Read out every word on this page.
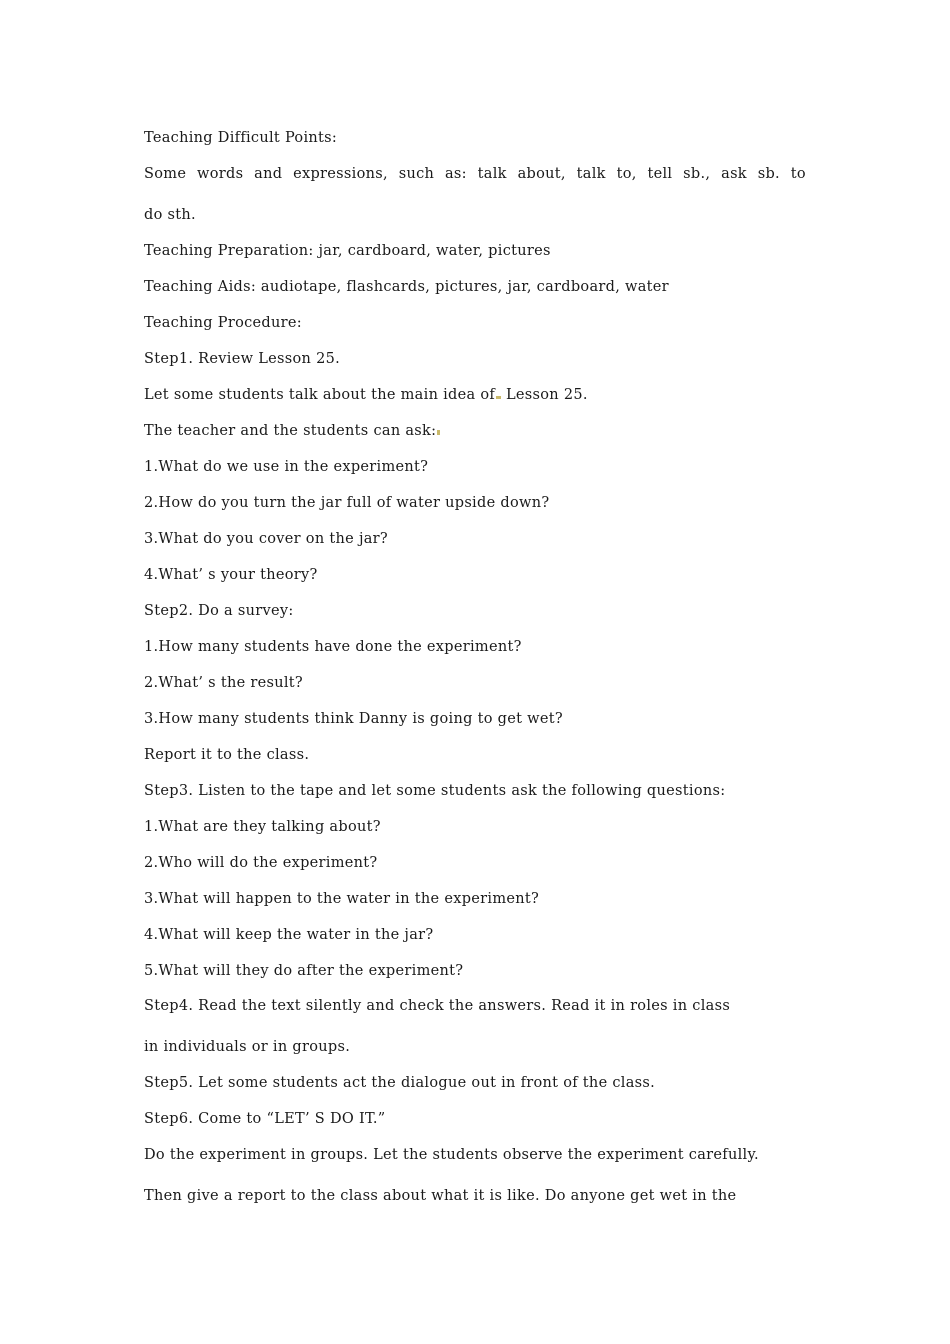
Teaching Difficult Points:
Some words and expressions, such as: talk about, talk to, tell sb., ask sb. to
do sth.
Teaching Preparation: jar, cardboard, water, pictures
Teaching Aids: audiotape, flashcards, pictures, jar, cardboard, water
Teaching Procedure:
Step1. Review Lesson 25.
Let some students talk about the main idea of Lesson 25.
The teacher and the students can ask:
1.What do we use in the experiment?
2.How do you turn the jar full of water upside down?
3.What do you cover on the jar?
4.What’ s your theory?
Step2. Do a survey:
1.How many students have done the experiment?
2.What’ s the result?
3.How many students think Danny is going to get wet?
Report it to the class.
Step3. Listen to the tape and let some students ask the following questions:
1.What are they talking about?
2.Who will do the experiment?
3.What will happen to the water in the experiment?
4.What will keep the water in the jar?
5.What will they do after the experiment?
Step4. Read the text silently and check the answers. Read it in roles in class
in individuals or in groups.
Step5. Let some students act the dialogue out in front of the class.
Step6. Come to “LET’ S DO IT.”
Do the experiment in groups. Let the students observe the experiment carefully.
Then give a report to the class about what it is like. Do anyone get wet in the
